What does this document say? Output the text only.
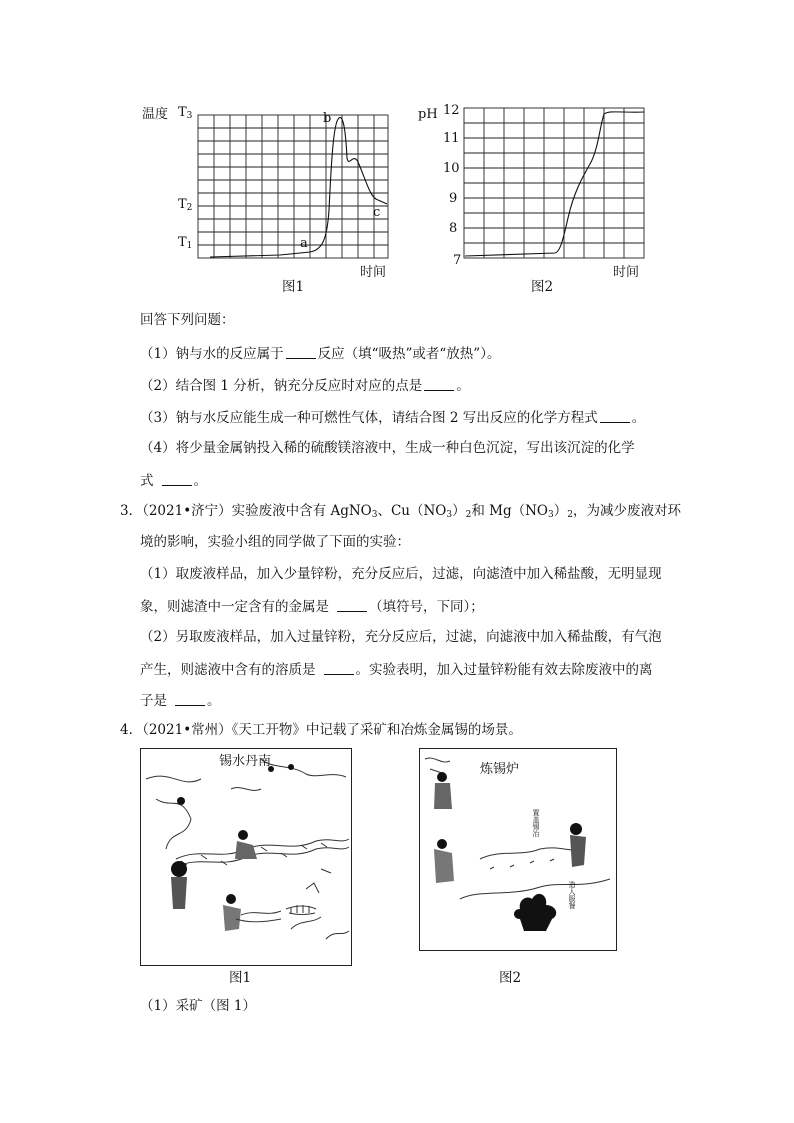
温度 $T_3$
$T_2$
$T_1$	a
b
c
时间
图1
pH 12
11
10
9
8
7
时间
图2
回答下列问题：
（1）钠与水的反应属于	反应（填“吸热”或者“放热”）。
（2）结合图 1 分析，钠充分反应时对应的点是	。
（3）钠与水反应能生成一种可燃性气体，请结合图 2 写出反应的化学方程式	。
（4）将少量金属钠投入稀的硫酸镁溶液中，生成一种白色沉淀，写出该沉淀的化学
式	。
3．（2021•济宁）实验废液中含有 AgNO$_3$、$Cu(NO_3)_2$和 $Mg(NO_3)_2$，为减少废液对环
境的影响，实验小组的同学做了下面的实验：
（1）取废液样品，加入少量锌粉，充分反应后，过滤，向滤渣中加入稀盐酸，无明显现
象，则滤渣中一定含有的金属是	（填符号，下同）；
（2）另取废液样品，加入过量锌粉，充分反应后，过滤，向滤液中加入稀盐酸，有气泡
产生，则滤液中含有的溶质是	。实验表明，加入过量锌粉能有效去除废液中的离
子是	。
4．（2021•常州）《天工开物》中记载了采矿和冶炼金属锡的场景。
锡水丹南
图1
炼锡炉
造人服餐
置盖锡冶
图2
（1）采矿（图 1）
